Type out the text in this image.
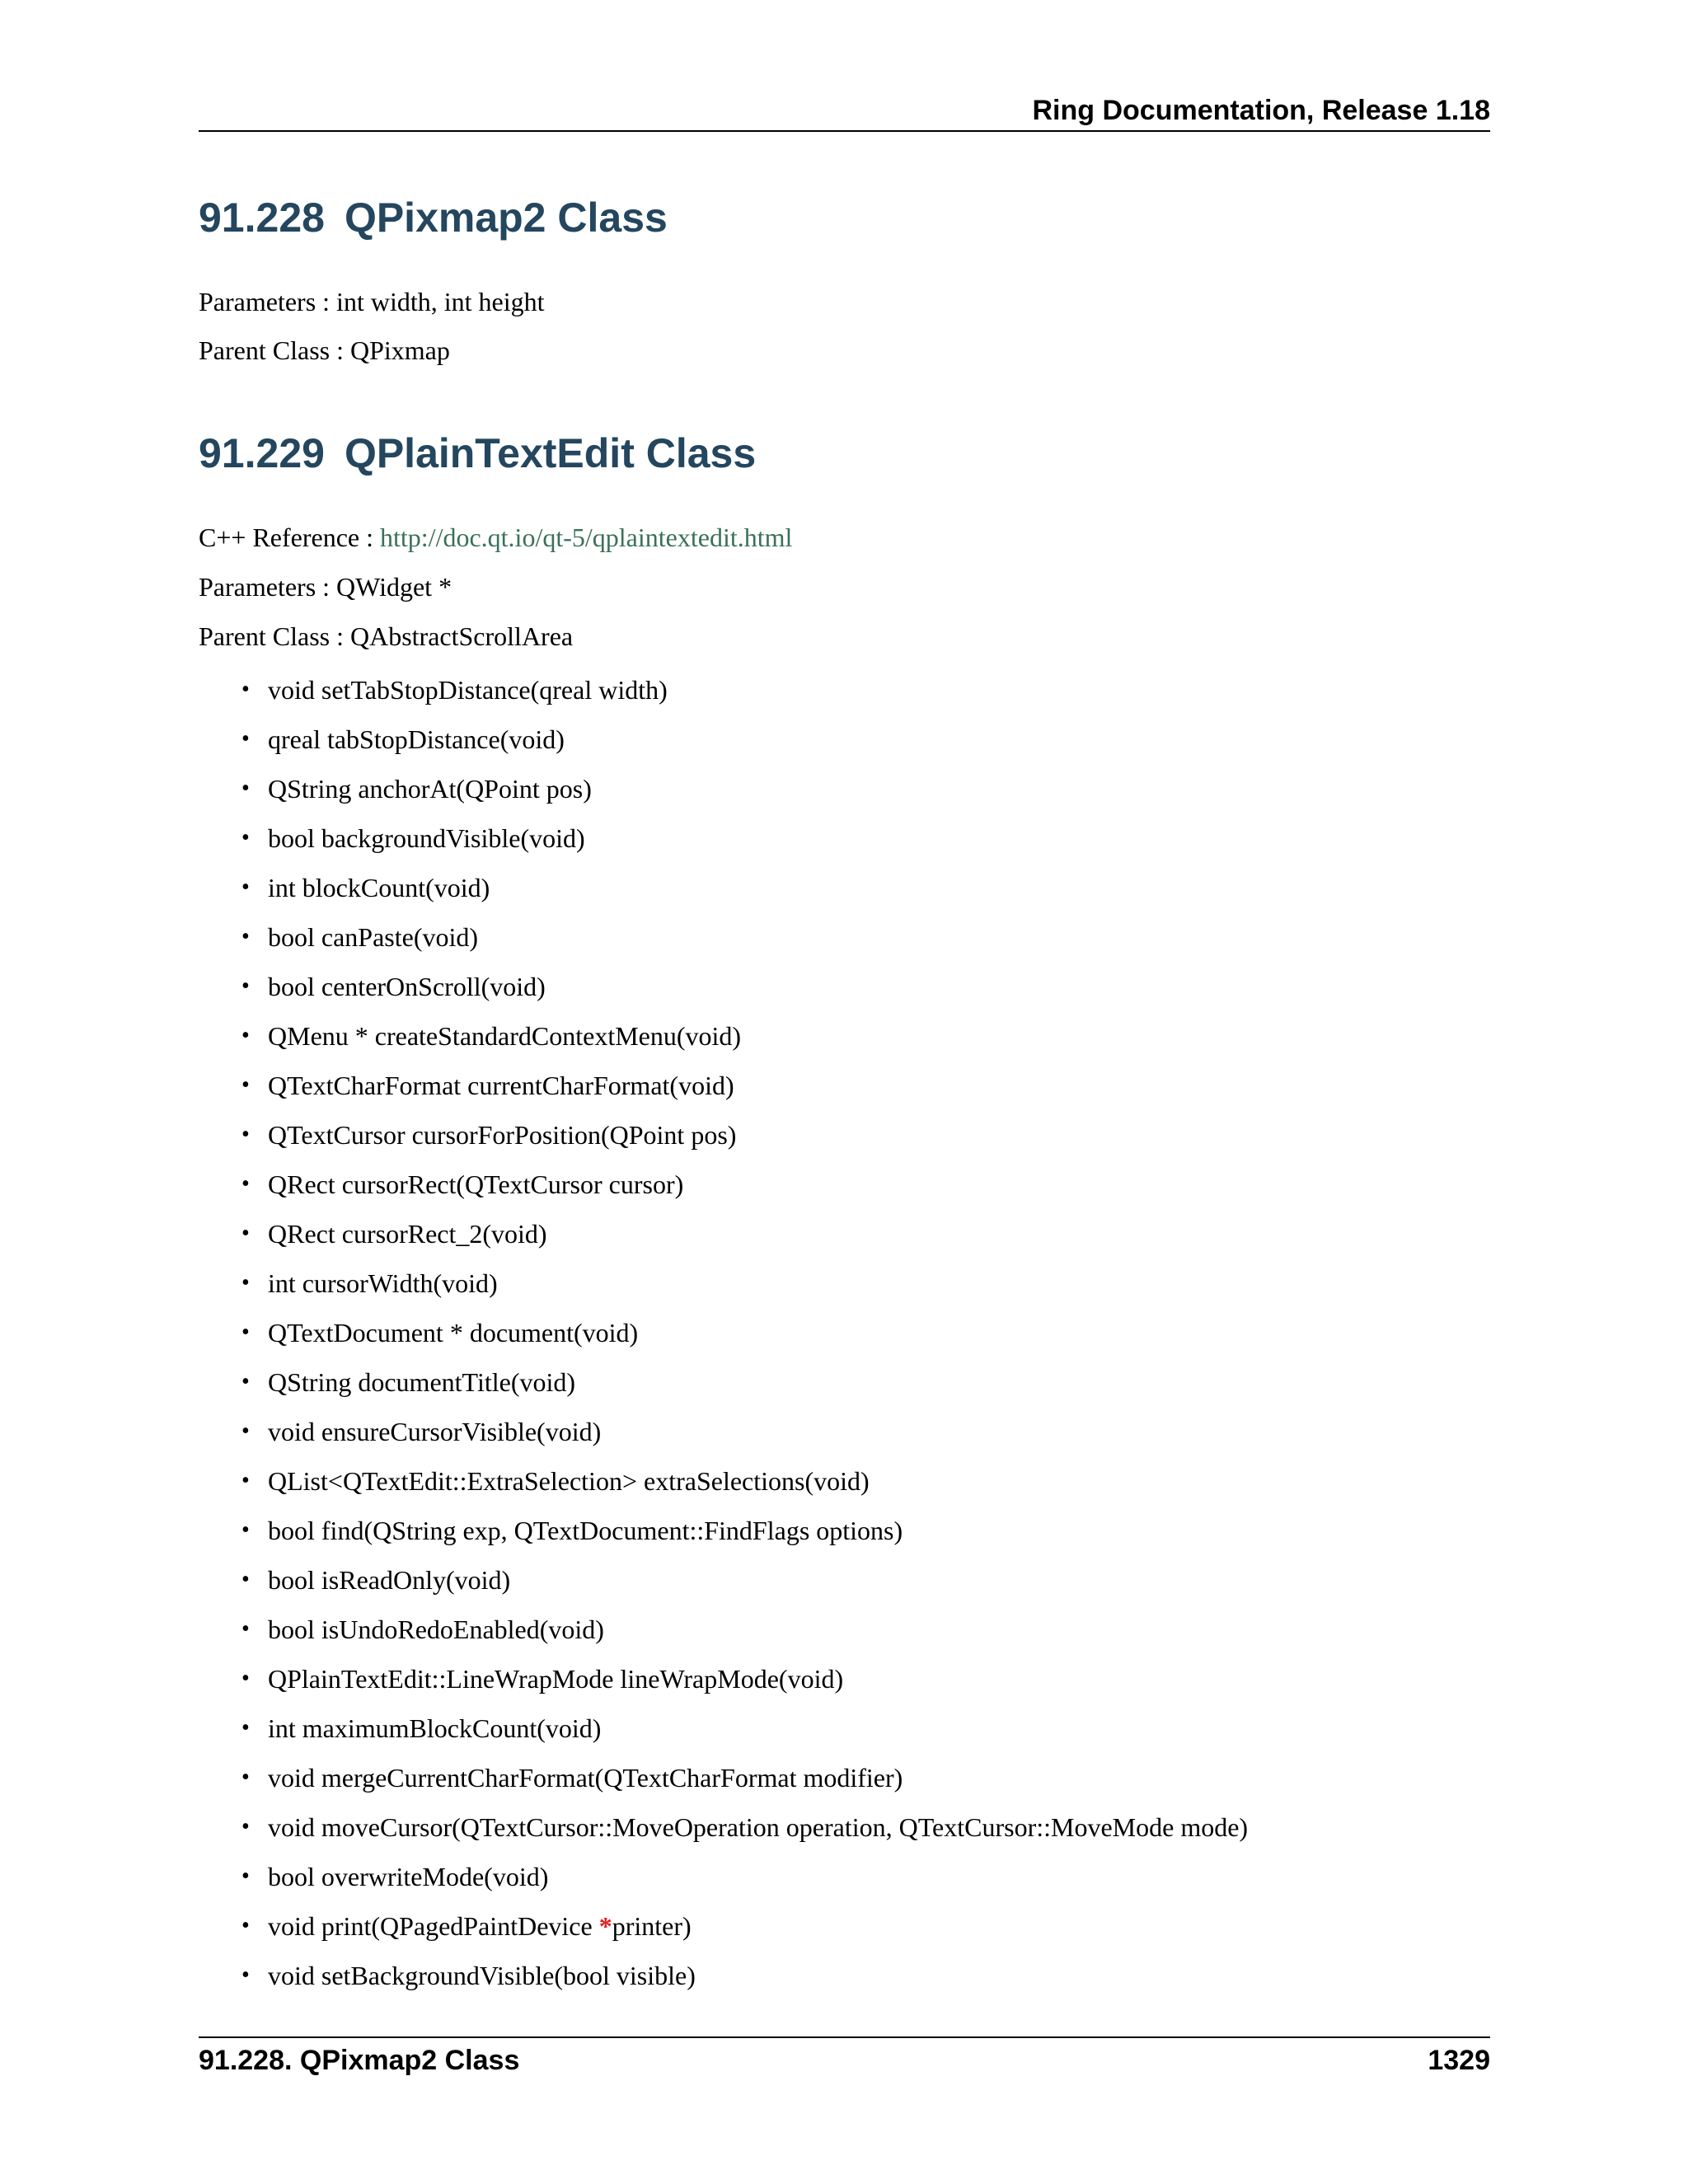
Ring Documentation, Release 1.18
91.228 QPixmap2 Class
Parameters : int width, int height
Parent Class : QPixmap
91.229 QPlainTextEdit Class
C++ Reference : http://doc.qt.io/qt-5/qplaintextedit.html
Parameters : QWidget *
Parent Class : QAbstractScrollArea
• void setTabStopDistance(qreal width)
• qreal tabStopDistance(void)
• QString anchorAt(QPoint pos)
• bool backgroundVisible(void)
• int blockCount(void)
• bool canPaste(void)
• bool centerOnScroll(void)
• QMenu * createStandardContextMenu(void)
• QTextCharFormat currentCharFormat(void)
• QTextCursor cursorForPosition(QPoint pos)
• QRect cursorRect(QTextCursor cursor)
• QRect cursorRect_2(void)
• int cursorWidth(void)
• QTextDocument * document(void)
• QString documentTitle(void)
• void ensureCursorVisible(void)
• QList<QTextEdit::ExtraSelection> extraSelections(void)
• bool find(QString exp, QTextDocument::FindFlags options)
• bool isReadOnly(void)
• bool isUndoRedoEnabled(void)
• QPlainTextEdit::LineWrapMode lineWrapMode(void)
• int maximumBlockCount(void)
• void mergeCurrentCharFormat(QTextCharFormat modifier)
• void moveCursor(QTextCursor::MoveOperation operation, QTextCursor::MoveMode mode)
• bool overwriteMode(void)
• void print(QPagedPaintDevice *printer)
• void setBackgroundVisible(bool visible)
91.228. QPixmap2 Class	1329
